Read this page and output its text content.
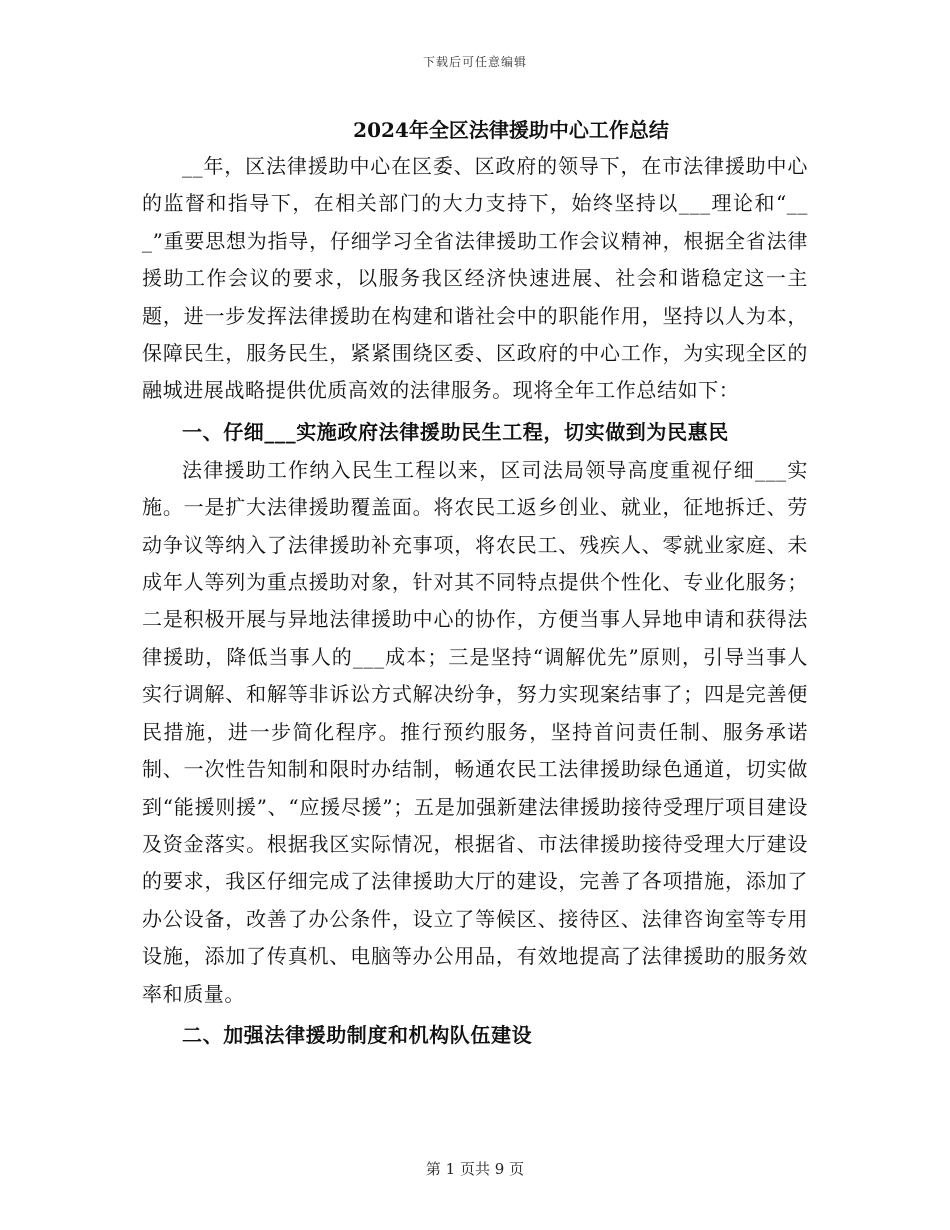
下载后可任意编辑
2024年全区法律援助中心工作总结

__年，区法律援助中心在区委、区政府的领导下，在市法律援助中心的监督和指导下，在相关部门的大力支持下，始终坚持以___理论和“___”重要思想为指导，仔细学习全省法律援助工作会议精神，根据全省法律援助工作会议的要求，以服务我区经济快速进展、社会和谐稳定这一主题，进一步发挥法律援助在构建和谐社会中的职能作用，坚持以人为本，保障民生，服务民生，紧紧围绕区委、区政府的中心工作，为实现全区的融城进展战略提供优质高效的法律服务。现将全年工作总结如下：

一、仔细___实施政府法律援助民生工程，切实做到为民惠民

法律援助工作纳入民生工程以来，区司法局领导高度重视仔细___实施。一是扩大法律援助覆盖面。将农民工返乡创业、就业，征地拆迁、劳动争议等纳入了法律援助补充事项，将农民工、残疾人、零就业家庭、未成年人等列为重点援助对象，针对其不同特点提供个性化、专业化服务；二是积极开展与异地法律援助中心的协作，方便当事人异地申请和获得法律援助，降低当事人的___成本；三是坚持“调解优先”原则，引导当事人实行调解、和解等非诉讼方式解决纷争，努力实现案结事了；四是完善便民措施，进一步简化程序。推行预约服务，坚持首问责任制、服务承诺制、一次性告知制和限时办结制，畅通农民工法律援助绿色通道，切实做到“能援则援”、“应援尽援”；五是加强新建法律援助接待受理厅项目建设及资金落实。根据我区实际情况，根据省、市法律援助接待受理大厅建设的要求，我区仔细完成了法律援助大厅的建设，完善了各项措施，添加了办公设备，改善了办公条件，设立了等候区、接待区、法律咨询室等专用设施，添加了传真机、电脑等办公用品，有效地提高了法律援助的服务效率和质量。

二、加强法律援助制度和机构队伍建设
第 1 页共 9 页
